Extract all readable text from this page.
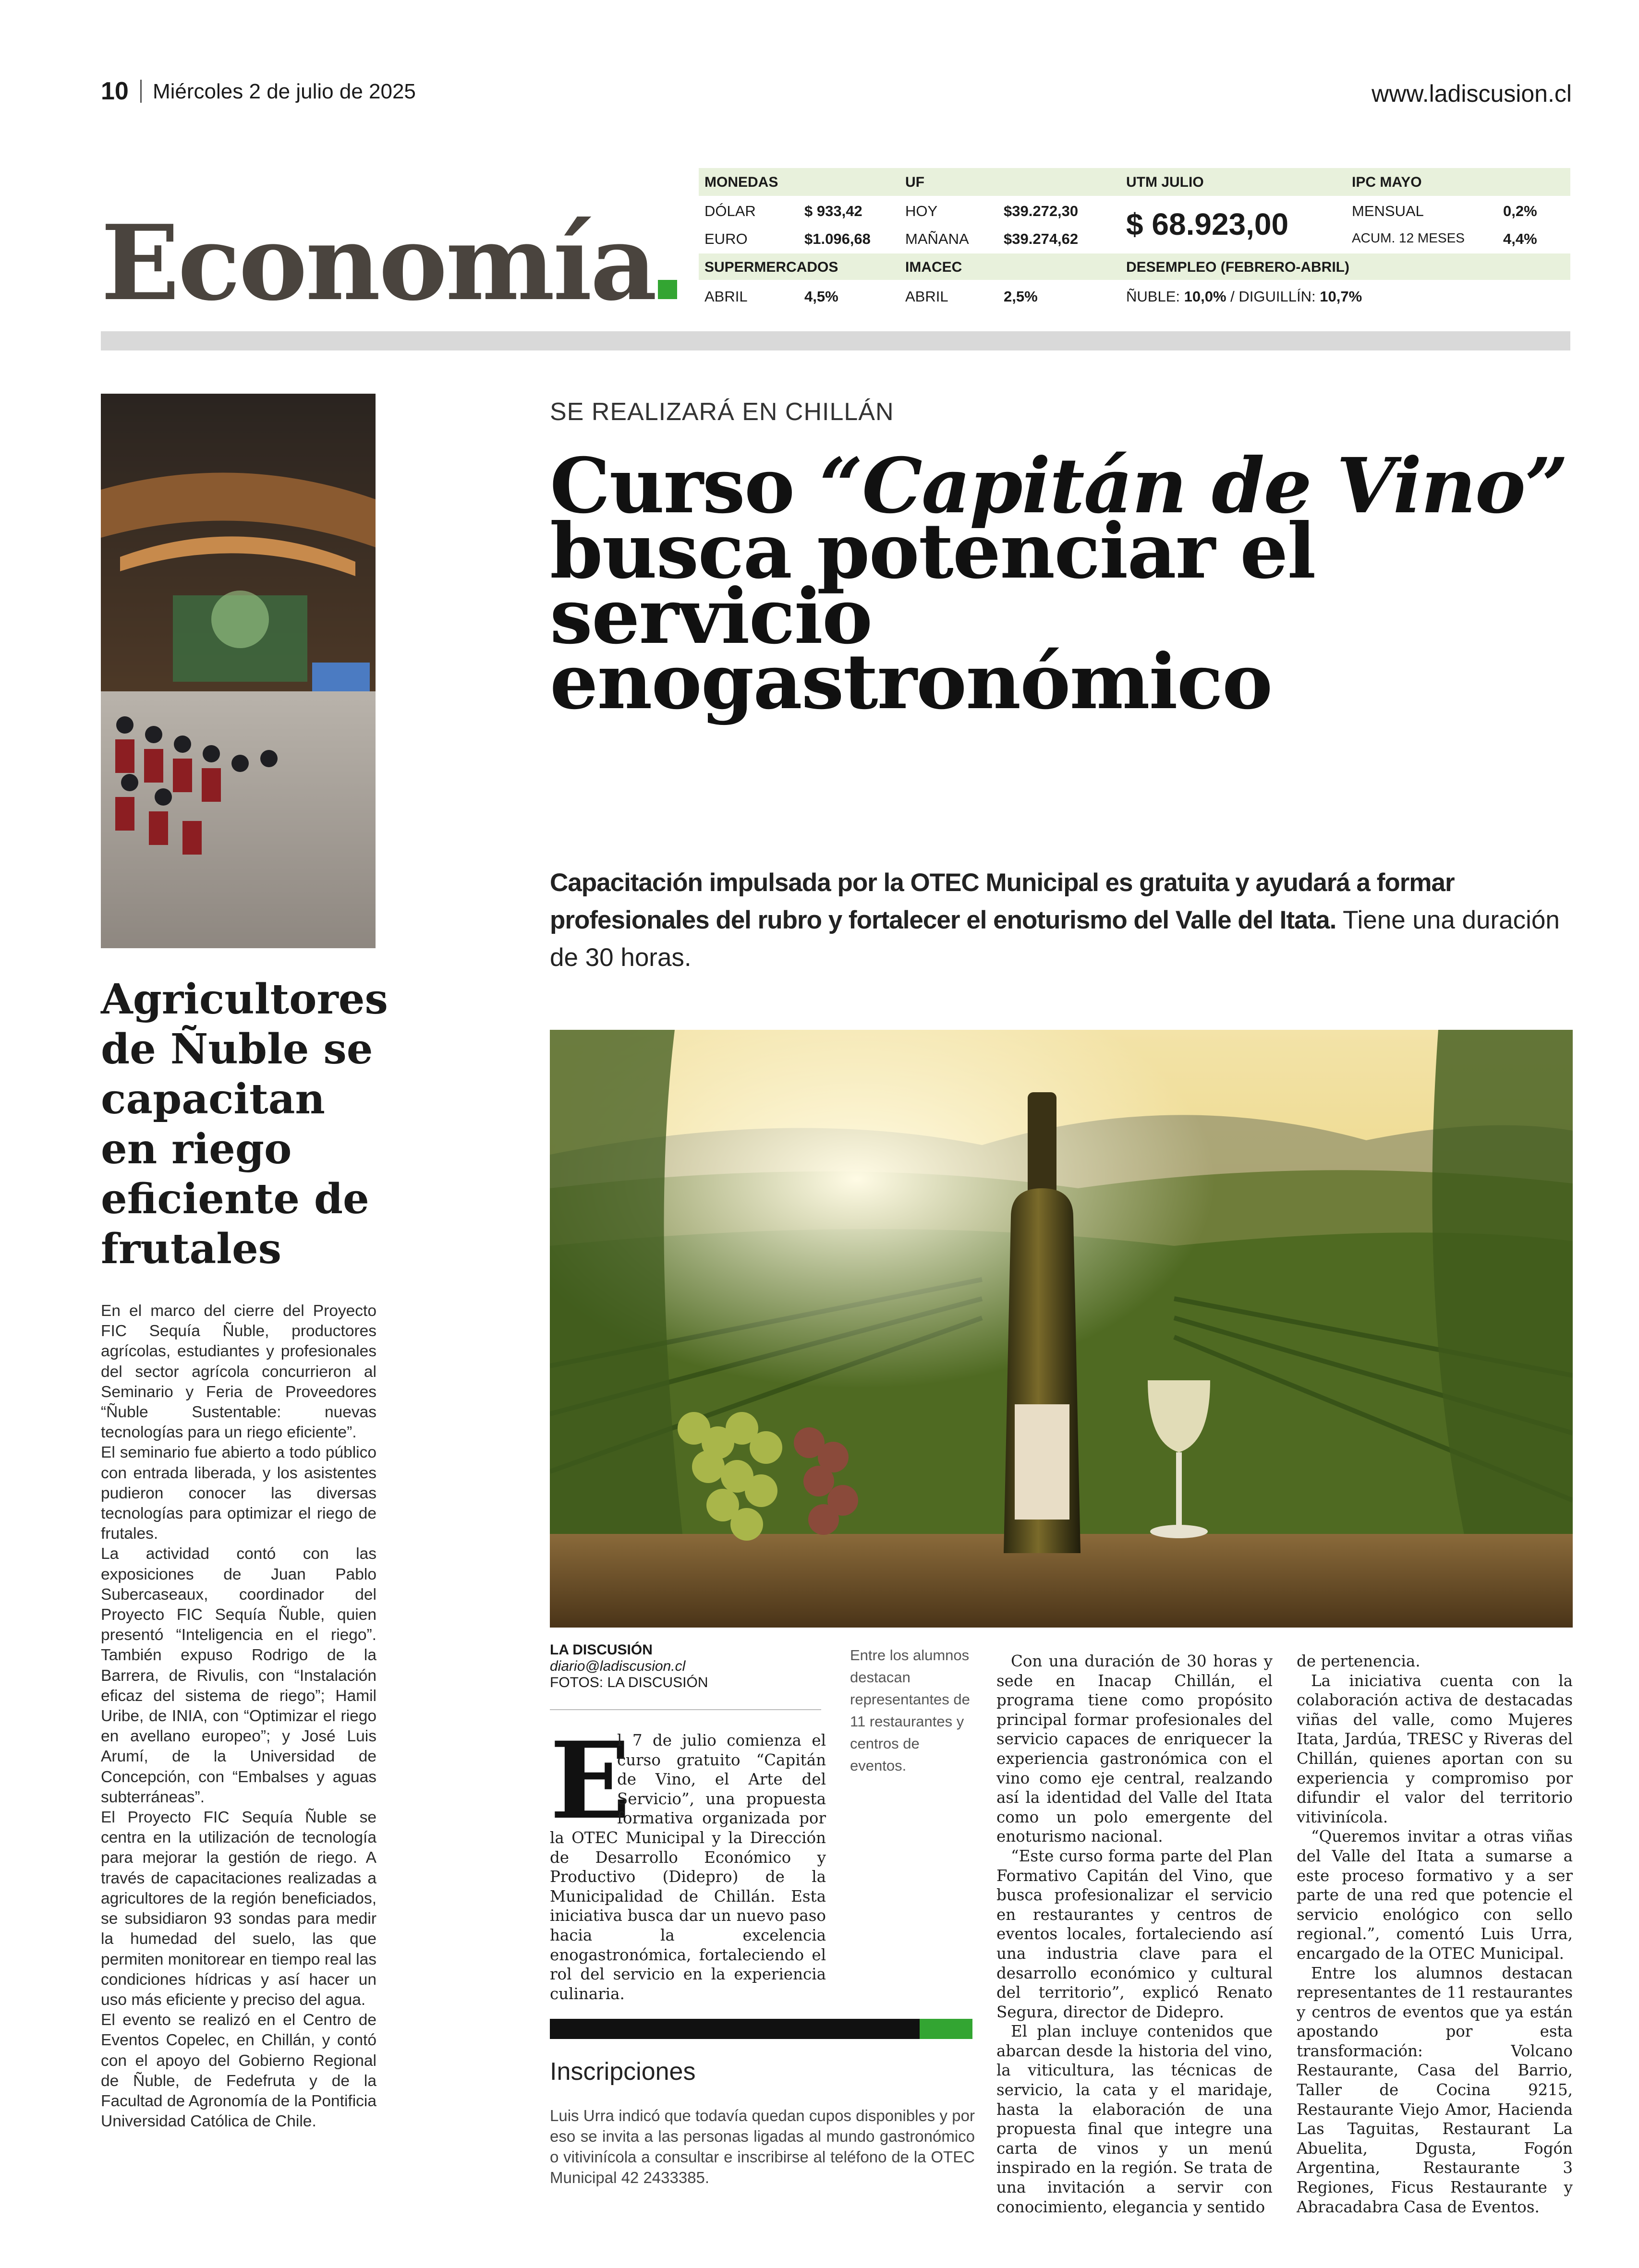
10 Miércoles 2 de julio de 2025	www.ladiscusion.cl
Economía
MONEDAS
DÓLAR	$ 933,42
EURO	$1.096,68
UF
HOY	$39.272,30
MAÑANA $39.274,62
UTM JULIO
$ 68.923,00
IPC MAYO
MENSUAL	0,2%
ACUM. 12 MESES	4,4%
SUPERMERCADOS
ABRIL	4,5%
IMACEC
ABRIL	2,5%
DESEMPLEO (FEBRERO-ABRIL)
ÑUBLE: 10,0% / DIGUILLÍN: 10,7%
Agricultores de Ñuble se capacitan en riego eficiente de frutales

En el marco del cierre del Proyecto FIC Sequía Ñuble, productores agrícolas, estudiantes y profesionales del sector agrícola concurrieron al Seminario y Feria de Proveedores “Ñuble Sustentable: nuevas tecnologías para un riego eficiente”.

El seminario fue abierto a todo público con entrada liberada, y los asistentes pudieron conocer las diversas tecnologías para optimizar el riego de frutales.

La actividad contó con las exposiciones de Juan Pablo Subercaseaux, coordinador del Proyecto FIC Sequía Ñuble, quien presentó “Inteligencia en el riego”. También expuso Rodrigo de la Barrera, de Rivulis, con “Instalación eficaz del sistema de riego”; Hamil Uribe, de INIA, con “Optimizar el riego en avellano europeo”; y José Luis Arumí, de la Universidad de Concepción, con “Embalses y aguas subterráneas”.

El Proyecto FIC Sequía Ñuble se centra en la utilización de tecnología para mejorar la gestión de riego. A través de capacitaciones realizadas a agricultores de la región beneficiados, se subsidiaron 93 sondas para medir la humedad del suelo, las que permiten monitorear en tiempo real las condiciones hídricas y así hacer un uso más eficiente y preciso del agua.

El evento se realizó en el Centro de Eventos Copelec, en Chillán, y contó con el apoyo del Gobierno Regional de Ñuble, de Fedefruta y de la Facultad de Agronomía de la Pontificia Universidad Católica de Chile.

SE REALIZARÁ EN CHILLÁN
Curso “Capitán de Vino” busca potenciar el servicio enogastronómico
Capacitación impulsada por la OTEC Municipal es gratuita y ayudará a formar profesionales del rubro y fortalecer el enoturismo del Valle del Itata. Tiene una duración de 30 horas.
LA DISCUSIÓN
diario@ladiscusion.cl
FOTOS: LA DISCUSIÓN
Entre los alumnos destacan representantes de 11 restaurantes y centros de eventos.
E

l 7 de julio comienza el curso gratuito “Capitán de Vino, el Arte del Servicio”, una propuesta formativa organizada por la OTEC Municipal y la Dirección de Desarrollo Económico y Productivo (Didepro) de la Municipalidad de Chillán. Esta iniciativa busca dar un nuevo paso hacia la excelencia enogastronómica, fortaleciendo el rol del servicio en la experiencia culinaria.

Con una duración de 30 horas y sede en Inacap Chillán, el programa tiene como propósito principal formar profesionales del servicio capaces de enriquecer la experiencia gastronómica con el vino como eje central, realzando así la identidad del Valle del Itata como un polo emergente del enoturismo nacional.

“Este curso forma parte del Plan Formativo Capitán del Vino, que busca profesionalizar el servicio en restaurantes y centros de eventos locales, fortaleciendo así una industria clave para el desarrollo económico y cultural del territorio”, explicó Renato Segura, director de Didepro.

El plan incluye contenidos que abarcan desde la historia del vino, la viticultura, las técnicas de servicio, la cata y el maridaje, hasta la elaboración de una propuesta final que integre una carta de vinos y un menú inspirado en la región. Se trata de una invitación a servir con conocimiento, elegancia y sentido

de pertenencia.

La iniciativa cuenta con la colaboración activa de destacadas viñas del valle, como Mujeres Itata, Jardúa, TRESC y Riveras del Chillán, quienes aportan con su experiencia y compromiso por difundir el valor del territorio vitivinícola.

“Queremos invitar a otras viñas del Valle del Itata a sumarse a este proceso formativo y a ser parte de una red que potencie el servicio enológico con sello regional.”, comentó Luis Urra, encargado de la OTEC Municipal.

Entre los alumnos destacan representantes de 11 restaurantes y centros de eventos que ya están apostando por esta transformación: Volcano Restaurante, Casa del Barrio, Taller de Cocina 9215, Restaurante Viejo Amor, Hacienda Las Taguitas, Restaurant La Abuelita, Dgusta, Fogón Argentina, Restaurante 3 Regiones, Ficus Restaurante y Abracadabra Casa de Eventos.

Inscripciones
Luis Urra indicó que todavía quedan cupos disponibles y por eso se invita a las personas ligadas al mundo gastronómico o vitivinícola a consultar e inscribirse al teléfono de la OTEC Municipal 42 2433385.
